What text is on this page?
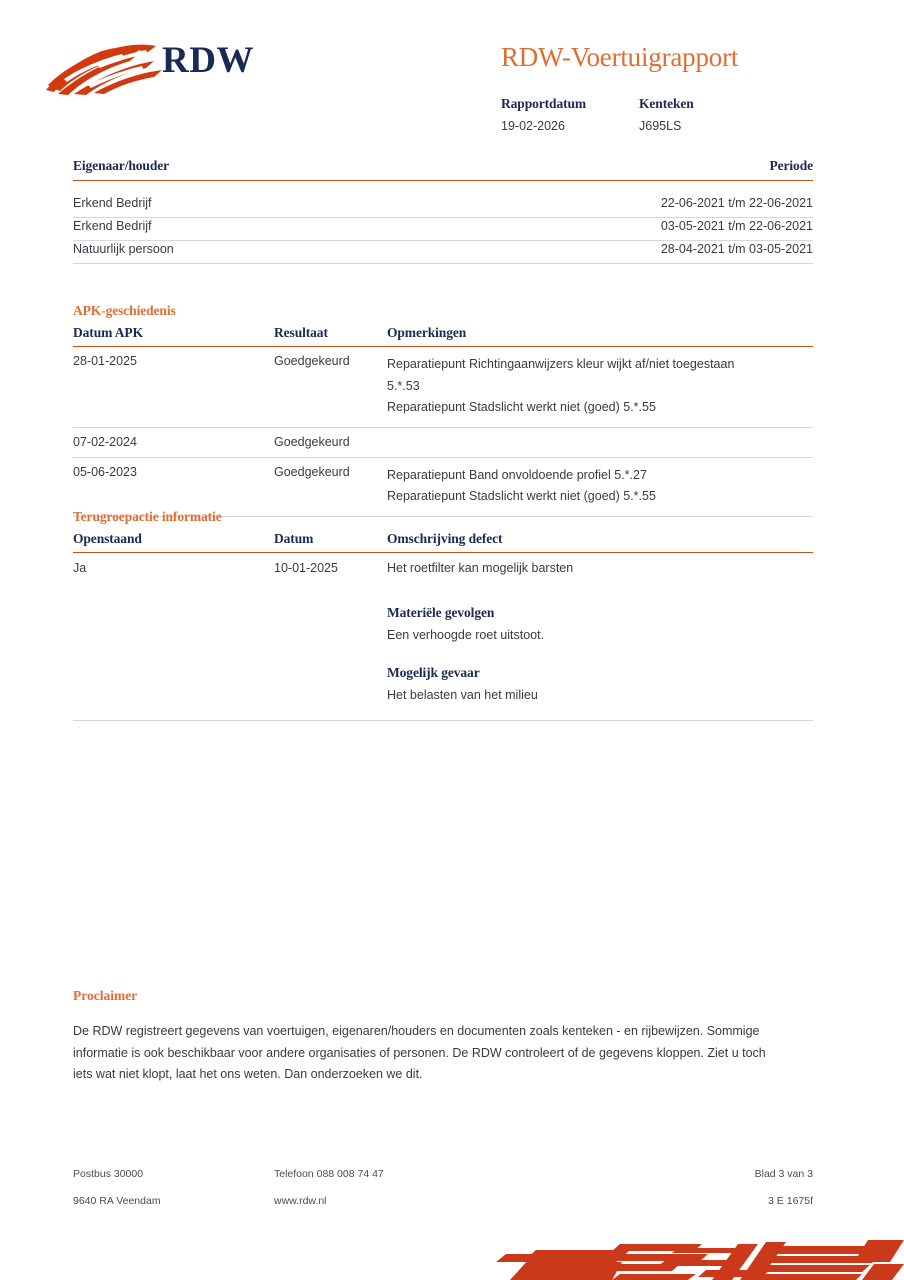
RDW	RDW-Voertuigrapport
Rapportdatum
19-02-2026
Kenteken
J695LS
Eigenaar/houder	Periode
Erkend Bedrijf	22-06-2021 t/m 22-06-2021
Erkend Bedrijf	03-05-2021 t/m 22-06-2021
Natuurlijk persoon	28-04-2021 t/m 03-05-2021
APK-geschiedenis
Datum APK	Resultaat	Opmerkingen
28-01-2025	Goedgekeurd	Reparatiepunt Richtingaanwijzers kleur wijkt af/niet toegestaan
5.*.53
Reparatiepunt Stadslicht werkt niet (goed) 5.*.55
07-02-2024	Goedgekeurd
05-06-2023	Goedgekeurd	Reparatiepunt Band onvoldoende profiel 5.*.27
Reparatiepunt Stadslicht werkt niet (goed) 5.*.55
Terugroepactie informatie
Openstaand	Datum	Omschrijving defect
Ja	10-01-2025	Het roetfilter kan mogelijk barsten
Materiële gevolgen
Een verhoogde roet uitstoot.
Mogelijk gevaar
Het belasten van het milieu
Proclaimer
De RDW registreert gegevens van voertuigen, eigenaren/houders en documenten zoals kenteken - en rijbewijzen. Sommige informatie is ook beschikbaar voor andere organisaties of personen. De RDW controleert of de gegevens kloppen. Ziet u toch iets wat niet klopt, laat het ons weten. Dan onderzoeken we dit.
Postbus 30000	Telefoon 088 008 74 47	Blad 3 van 3
9640 RA Veendam	www.rdw.nl	3 E 1675f
